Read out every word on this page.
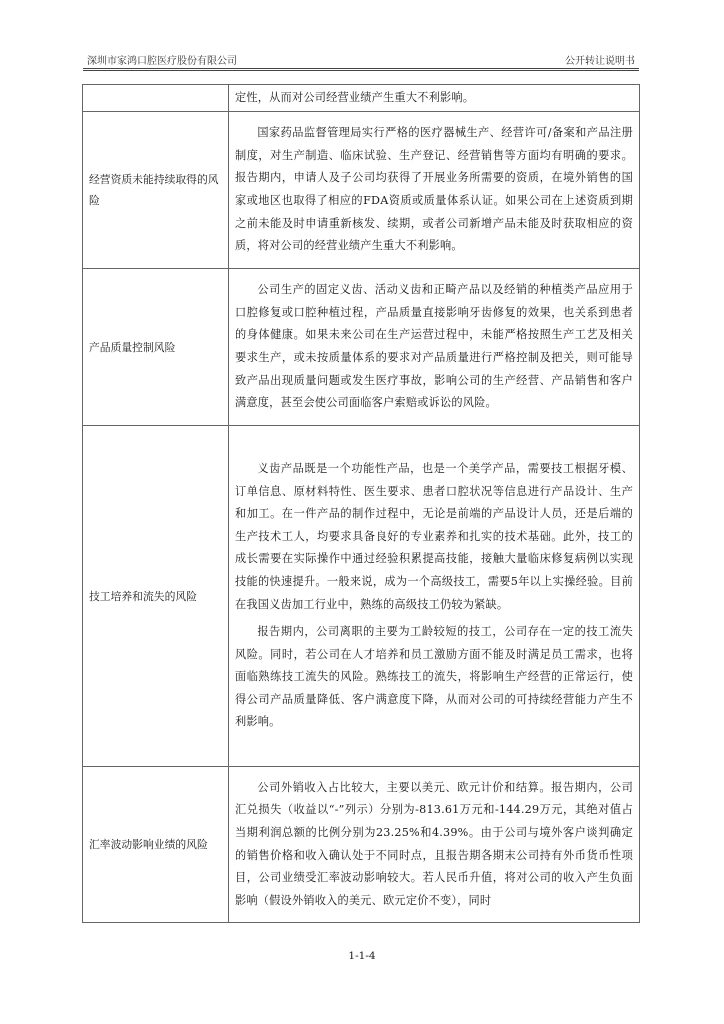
深圳市家鸿口腔医疗股份有限公司	公开转让说明书

	定性，从而对公司经营业绩产生重大不利影响。

经营资质未能持续取得的风险	国家药品监督管理局实行严格的医疗器械生产、经营许可/备案和产品注册制度，对生产制造、临床试验、生产登记、经营销售等方面均有明确的要求。报告期内，申请人及子公司均获得了开展业务所需要的资质，在境外销售的国家或地区也取得了相应的FDA资质或质量体系认证。如果公司在上述资质到期之前未能及时申请重新核发、续期，或者公司新增产品未能及时获取相应的资质，将对公司的经营业绩产生重大不利影响。

产品质量控制风险	公司生产的固定义齿、活动义齿和正畸产品以及经销的种植类产品应用于口腔修复或口腔种植过程，产品质量直接影响牙齿修复的效果，也关系到患者的身体健康。如果未来公司在生产运营过程中，未能严格按照生产工艺及相关要求生产，或未按质量体系的要求对产品质量进行严格控制及把关，则可能导致产品出现质量问题或发生医疗事故，影响公司的生产经营、产品销售和客户满意度，甚至会使公司面临客户索赔或诉讼的风险。

技工培养和流失的风险	义齿产品既是一个功能性产品，也是一个美学产品，需要技工根据牙模、订单信息、原材料特性、医生要求、患者口腔状况等信息进行产品设计、生产和加工。在一件产品的制作过程中，无论是前端的产品设计人员，还是后端的生产技术工人，均要求具备良好的专业素养和扎实的技术基础。此外，技工的成长需要在实际操作中通过经验积累提高技能，接触大量临床修复病例以实现技能的快速提升。一般来说，成为一个高级技工，需要5年以上实操经验。目前在我国义齿加工行业中，熟练的高级技工仍较为紧缺。

报告期内，公司离职的主要为工龄较短的技工，公司存在一定的技工流失风险。同时，若公司在人才培养和员工激励方面不能及时满足员工需求，也将面临熟练技工流失的风险。熟练技工的流失，将影响生产经营的正常运行，使得公司产品质量降低、客户满意度下降，从而对公司的可持续经营能力产生不利影响。

汇率波动影响业绩的风险	公司外销收入占比较大，主要以美元、欧元计价和结算。报告期内，公司汇兑损失（收益以“-”列示）分别为-813.61万元和-144.29万元，其绝对值占当期利润总额的比例分别为23.25%和4.39%。由于公司与境外客户谈判确定的销售价格和收入确认处于不同时点，且报告期各期末公司持有外币货币性项目，公司业绩受汇率波动影响较大。若人民币升值，将对公司的收入产生负面影响（假设外销收入的美元、欧元定价不变），同时

1-1-4
